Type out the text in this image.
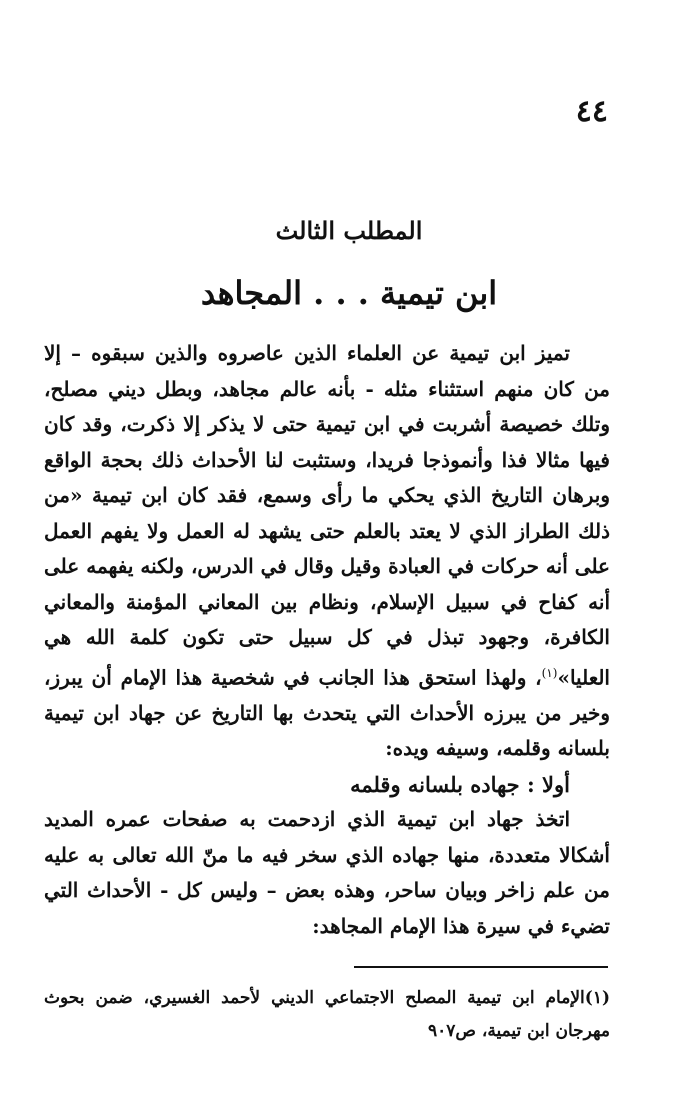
٤٤
المطلب الثالث
ابن تيمية . . . المجاهد

تميز ابن تيمية عن العلماء الذين عاصروه والذين سبقوه – إلا من كان منهم استثناء مثله - بأنه عالم مجاهد، وبطل ديني مصلح، وتلك خصيصة أشربت في ابن تيمية حتى لا يذكر إلا ذكرت، وقد كان فيها مثالا فذا وأنموذجا فريدا، وستثبت لنا الأحداث ذلك بحجة الواقع وبرهان التاريخ الذي يحكي ما رأى وسمع، فقد كان ابن تيمية «من ذلك الطراز الذي لا يعتد بالعلم حتى يشهد له العمل ولا يفهم العمل على أنه حركات في العبادة وقيل وقال في الدرس، ولكنه يفهمه على أنه كفاح في سبيل الإسلام، ونظام بين المعاني المؤمنة والمعاني الكافرة، وجهود تبذل في كل سبيل حتى تكون كلمة الله هي العليا»$^{(١)}$، ولهذا استحق هذا الجانب في شخصية هذا الإمام أن يبرز، وخير من يبرزه الأحداث التي يتحدث بها التاريخ عن جهاد ابن تيمية بلسانه وقلمه، وسيفه ويده:

أولا : جهاده بلسانه وقلمه

اتخذ جهاد ابن تيمية الذي ازدحمت به صفحات عمره المديد أشكالا متعددة، منها جهاده الذي سخر فيه ما منّ الله تعالى به عليه من علم زاخر وبيان ساحر، وهذه بعض – وليس كل - الأحداث التي تضيء في سيرة هذا الإمام المجاهد:

(١)الإمام ابن تيمية المصلح الاجتماعي الديني لأحمد الغسيري، ضمن بحوث مهرجان ابن تيمية، ص٩٠٧
